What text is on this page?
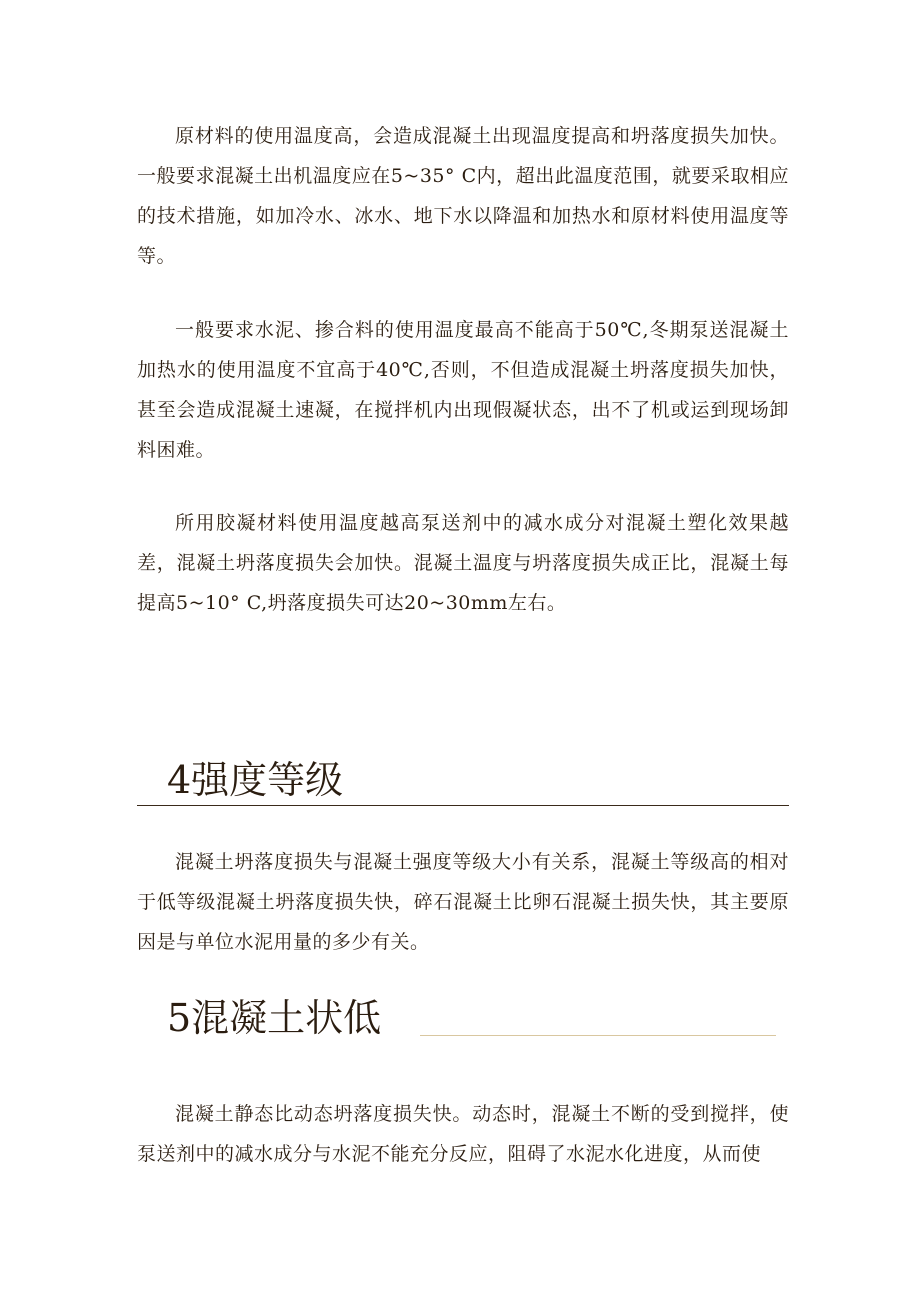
原材料的使用温度高，会造成混凝土出现温度提高和坍落度损失加快。一般要求混凝土出机温度应在5~35° C内，超出此温度范围，就要采取相应的技术措施，如加冷水、冰水、地下水以降温和加热水和原材料使用温度等等。

一般要求水泥、掺合料的使用温度最高不能高于50℃,冬期泵送混凝土加热水的使用温度不宜高于40℃,否则，不但造成混凝土坍落度损失加快，甚至会造成混凝土速凝，在搅拌机内出现假凝状态，出不了机或运到现场卸料困难。

所用胶凝材料使用温度越高泵送剂中的减水成分对混凝土塑化效果越差，混凝土坍落度损失会加快。混凝土温度与坍落度损失成正比，混凝土每提高5~10° C,坍落度损失可达20~30mm左右。

4强度等级

混凝土坍落度损失与混凝土强度等级大小有关系，混凝土等级高的相对于低等级混凝土坍落度损失快，碎石混凝土比卵石混凝土损失快，其主要原因是与单位水泥用量的多少有关。

5混凝土状低

混凝土静态比动态坍落度损失快。动态时，混凝土不断的受到搅拌，使泵送剂中的减水成分与水泥不能充分反应，阻碍了水泥水化进度，从而使
